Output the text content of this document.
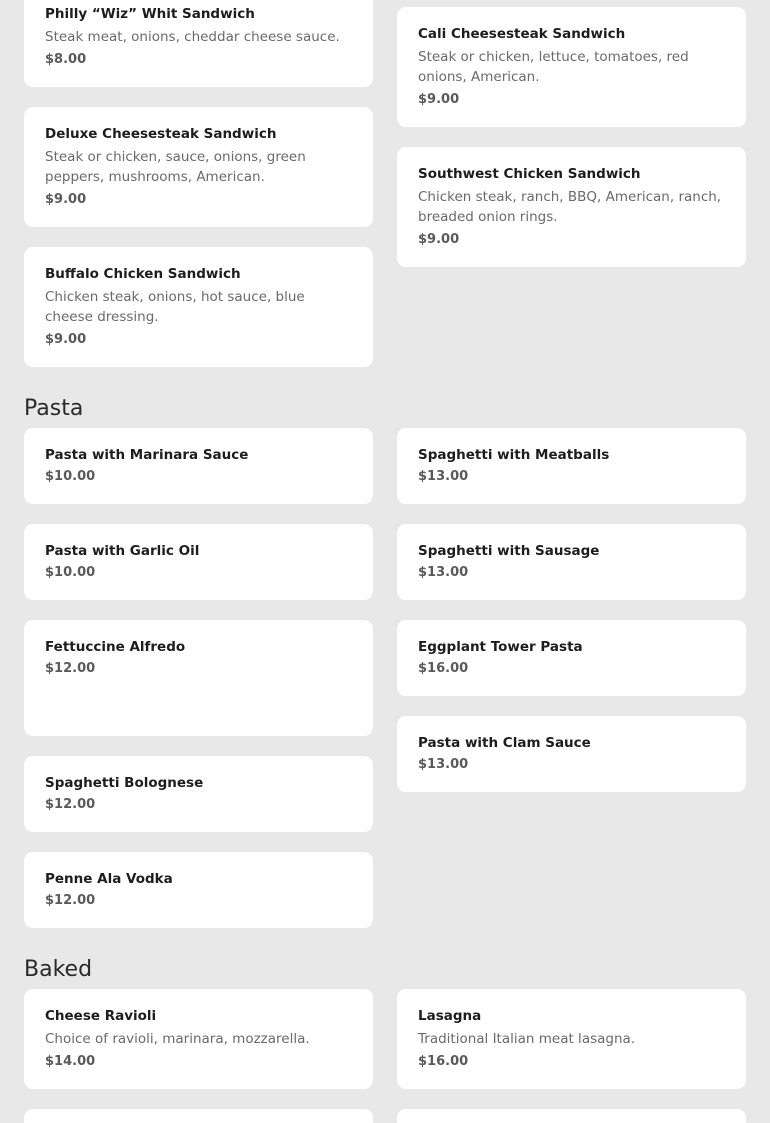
Philly “Wiz” Whit Sandwich
Steak meat, onions, cheddar cheese sauce.
$8.00
Cali Cheesesteak Sandwich
Steak or chicken, lettuce, tomatoes, red onions, American.
$9.00
Deluxe Cheesesteak Sandwich
Steak or chicken, sauce, onions, green peppers, mushrooms, American.
$9.00
Southwest Chicken Sandwich
Chicken steak, ranch, BBQ, American, ranch, breaded onion rings.
$9.00
Buffalo Chicken Sandwich
Chicken steak, onions, hot sauce, blue cheese dressing.
$9.00
Pasta
Pasta with Marinara Sauce
$10.00
Spaghetti with Meatballs
$13.00
Pasta with Garlic Oil
$10.00
Spaghetti with Sausage
$13.00
Fettuccine Alfredo
$12.00
Eggplant Tower Pasta
$16.00
Pasta with Clam Sauce
$13.00
Spaghetti Bolognese
$12.00
Penne Ala Vodka
$12.00
Baked
Cheese Ravioli
Choice of ravioli, marinara, mozzarella.
$14.00
Lasagna
Traditional Italian meat lasagna.
$16.00
